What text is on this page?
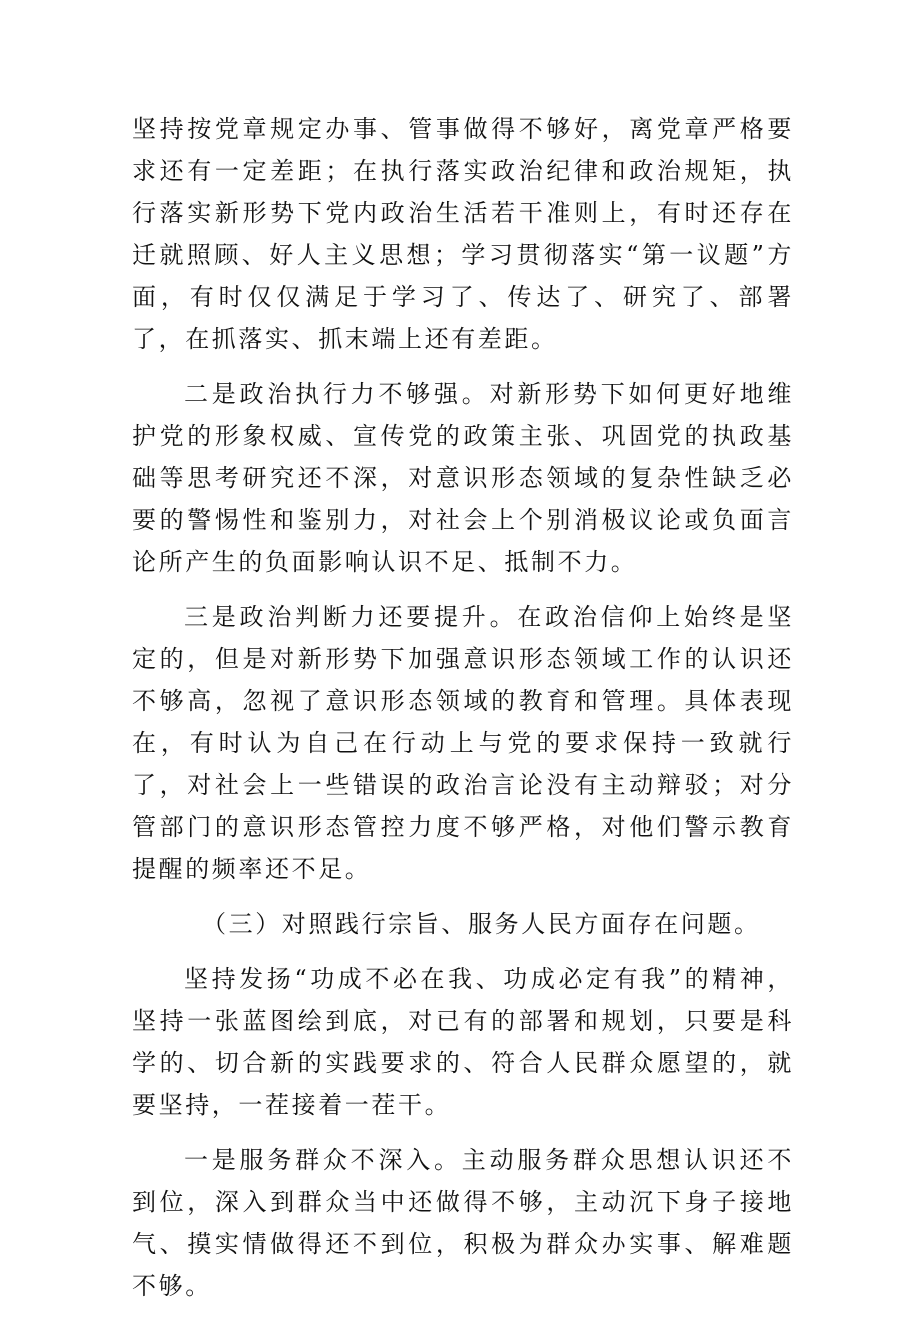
坚持按党章规定办事、管事做得不够好，离党章严格要求还有一定差距；在执行落实政治纪律和政治规矩，执行落实新形势下党内政治生活若干准则上，有时还存在迁就照顾、好人主义思想；学习贯彻落实“第一议题”方面，有时仅仅满足于学习了、传达了、研究了、部署了，在抓落实、抓末端上还有差距。

二是政治执行力不够强。对新形势下如何更好地维护党的形象权威、宣传党的政策主张、巩固党的执政基础等思考研究还不深，对意识形态领域的复杂性缺乏必要的警惕性和鉴别力，对社会上个别消极议论或负面言论所产生的负面影响认识不足、抵制不力。

三是政治判断力还要提升。在政治信仰上始终是坚定的，但是对新形势下加强意识形态领域工作的认识还不够高，忽视了意识形态领域的教育和管理。具体表现在，有时认为自己在行动上与党的要求保持一致就行了，对社会上一些错误的政治言论没有主动辩驳；对分管部门的意识形态管控力度不够严格，对他们警示教育提醒的频率还不足。

（三）对照践行宗旨、服务人民方面存在问题。

坚持发扬“功成不必在我、功成必定有我”的精神，坚持一张蓝图绘到底，对已有的部署和规划，只要是科学的、切合新的实践要求的、符合人民群众愿望的，就要坚持，一茬接着一茬干。

一是服务群众不深入。主动服务群众思想认识还不到位，深入到群众当中还做得不够，主动沉下身子接地气、摸实情做得还不到位，积极为群众办实事、解难题不够。
